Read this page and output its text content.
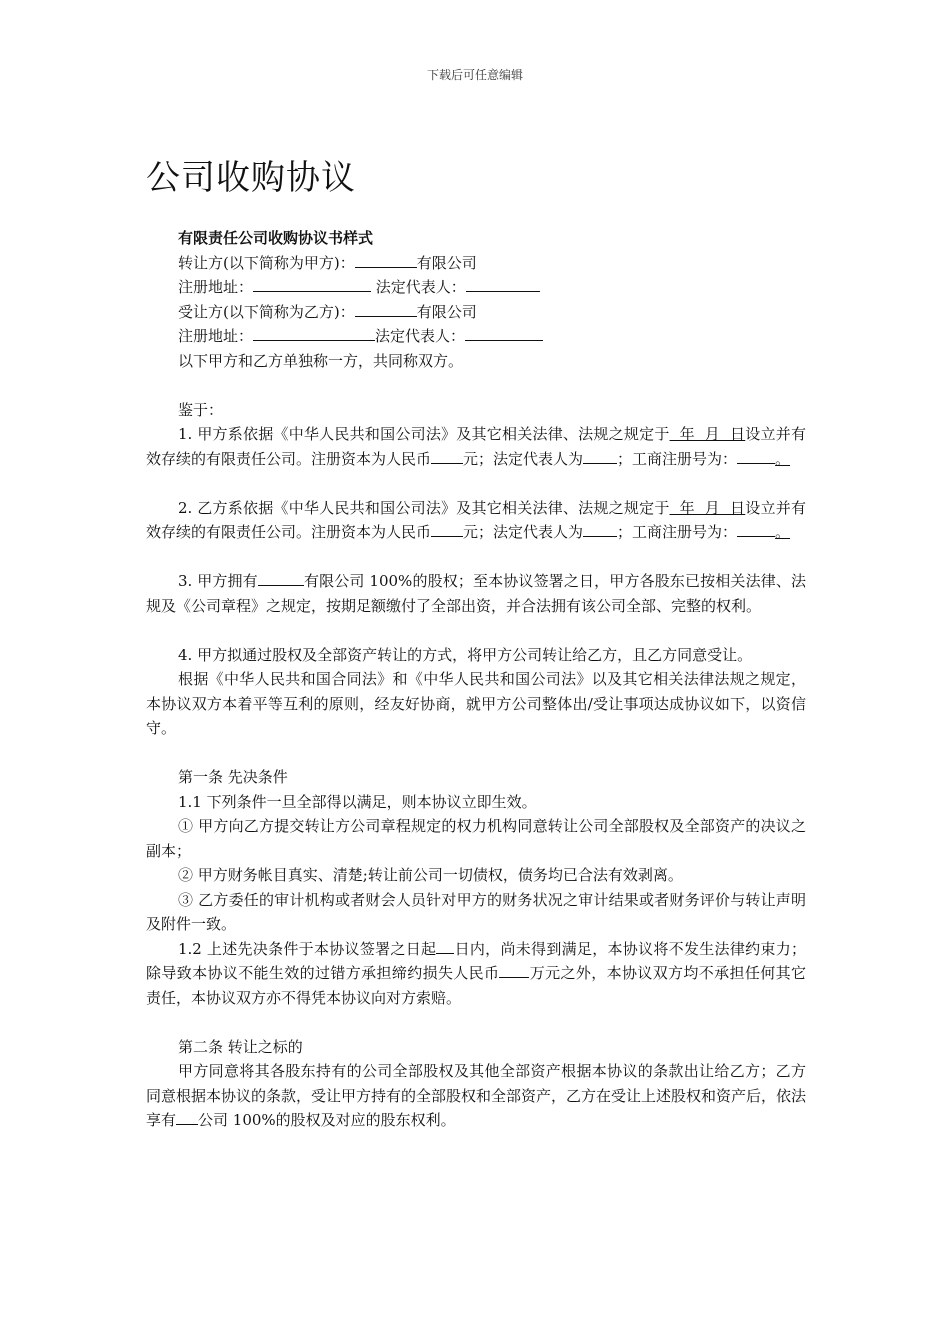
下载后可任意编辑
公司收购协议

有限责任公司收购协议书样式

转让方(以下简称为甲方)：	有限公司

注册地址：	法定代表人：

受让方(以下简称为乙方)：	有限公司

注册地址：	法定代表人：

以下甲方和乙方单独称一方，共同称双方。

鉴于：

1. 甲方系依据《中华人民共和国公司法》及其它相关法律、法规之规定于  年  月  日设立并有效存续的有限责任公司。注册资本为人民币 元；法定代表人为 ；工商注册号为：	。

2. 乙方系依据《中华人民共和国公司法》及其它相关法律、法规之规定于  年  月  日设立并有效存续的有限责任公司。注册资本为人民币 元；法定代表人为 ；工商注册号为：	。

3. 甲方拥有	有限公司 100%的股权；至本协议签署之日，甲方各股东已按相关法律、法规及《公司章程》之规定，按期足额缴付了全部出资，并合法拥有该公司全部、完整的权利。

4. 甲方拟通过股权及全部资产转让的方式，将甲方公司转让给乙方，且乙方同意受让。

根据《中华人民共和国合同法》和《中华人民共和国公司法》以及其它相关法律法规之规定，本协议双方本着平等互利的原则，经友好协商，就甲方公司整体出/受让事项达成协议如下，以资信守。

第一条 先决条件

1.1 下列条件一旦全部得以满足，则本协议立即生效。

① 甲方向乙方提交转让方公司章程规定的权力机构同意转让公司全部股权及全部资产的决议之副本；

② 甲方财务帐目真实、清楚;转让前公司一切债权，债务均已合法有效剥离。

③ 乙方委任的审计机构或者财会人员针对甲方的财务状况之审计结果或者财务评价与转让声明及附件一致。

1.2 上述先决条件于本协议签署之日起 日内，尚未得到满足，本协议将不发生法律约束力；除导致本协议不能生效的过错方承担缔约损失人民币 万元之外，本协议双方均不承担任何其它责任，本协议双方亦不得凭本协议向对方索赔。

第二条 转让之标的

甲方同意将其各股东持有的公司全部股权及其他全部资产根据本协议的条款出让给乙方；乙方同意根据本协议的条款，受让甲方持有的全部股权和全部资产，乙方在受让上述股权和资产后，依法享有 公司 100%的股权及对应的股东权利。
